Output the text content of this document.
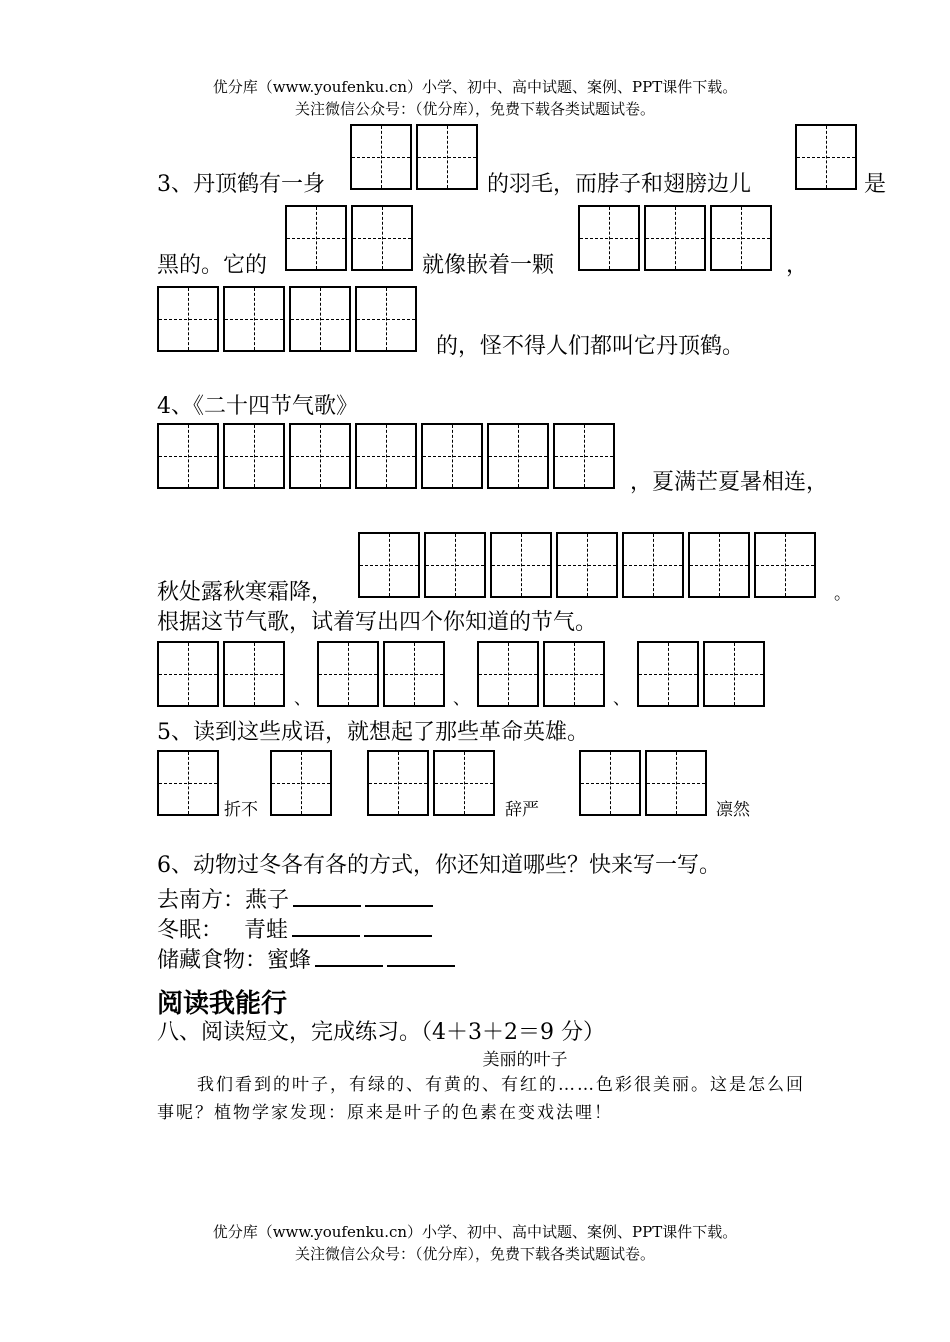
优分库（www.youfenku.cn）小学、初中、高中试题、案例、PPT课件下载。
关注微信公众号：（优分库），免费下载各类试题试卷。
3、丹顶鹤有一身	的羽毛，而脖子和翅膀边儿	是
黑的。它的	就像嵌着一颗	，
的，怪不得人们都叫它丹顶鹤。
4、《二十四节气歌》
，夏满芒夏暑相连，
秋处露秋寒霜降，	。
根据这节气歌，试着写出四个你知道的节气。
、	、	、
5、读到这些成语，就想起了那些革命英雄。
折不	辞严	凛然
6、动物过冬各有各的方式，你还知道哪些？快来写一写。
去南方：燕子
冬眠：   青蛙
储藏食物：蜜蜂
阅读我能行
八、阅读短文，完成练习。（4＋3＋2＝9 分）
美丽的叶子
我们看到的叶子，有绿的、有黄的、有红的……色彩很美丽。这是怎么回
事呢？植物学家发现：原来是叶子的色素在变戏法哩！
优分库（www.youfenku.cn）小学、初中、高中试题、案例、PPT课件下载。
关注微信公众号：（优分库），免费下载各类试题试卷。
